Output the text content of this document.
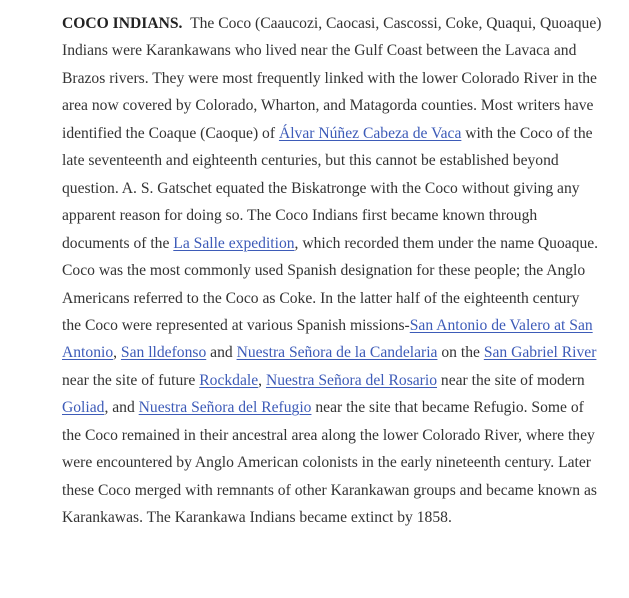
COCO INDIANS. The Coco (Caaucozi, Caocasi, Cascossi, Coke, Quaqui, Quoaque) Indians were Karankawans who lived near the Gulf Coast between the Lavaca and Brazos rivers. They were most frequently linked with the lower Colorado River in the area now covered by Colorado, Wharton, and Matagorda counties. Most writers have identified the Coaque (Caoque) of Álvar Núñez Cabeza de Vaca with the Coco of the late seventeenth and eighteenth centuries, but this cannot be established beyond question. A. S. Gatschet equated the Biskatronge with the Coco without giving any apparent reason for doing so. The Coco Indians first became known through documents of the La Salle expedition, which recorded them under the name Quoaque. Coco was the most commonly used Spanish designation for these people; the Anglo Americans referred to the Coco as Coke. In the latter half of the eighteenth century the Coco were represented at various Spanish missions-San Antonio de Valero at San Antonio, San lldefonso and Nuestra Señora de la Candelaria on the San Gabriel River near the site of future Rockdale, Nuestra Señora del Rosario near the site of modern Goliad, and Nuestra Señora del Refugio near the site that became Refugio. Some of the Coco remained in their ancestral area along the lower Colorado River, where they were encountered by Anglo American colonists in the early nineteenth century. Later these Coco merged with remnants of other Karankawan groups and became known as Karankawas. The Karankawa Indians became extinct by 1858.
